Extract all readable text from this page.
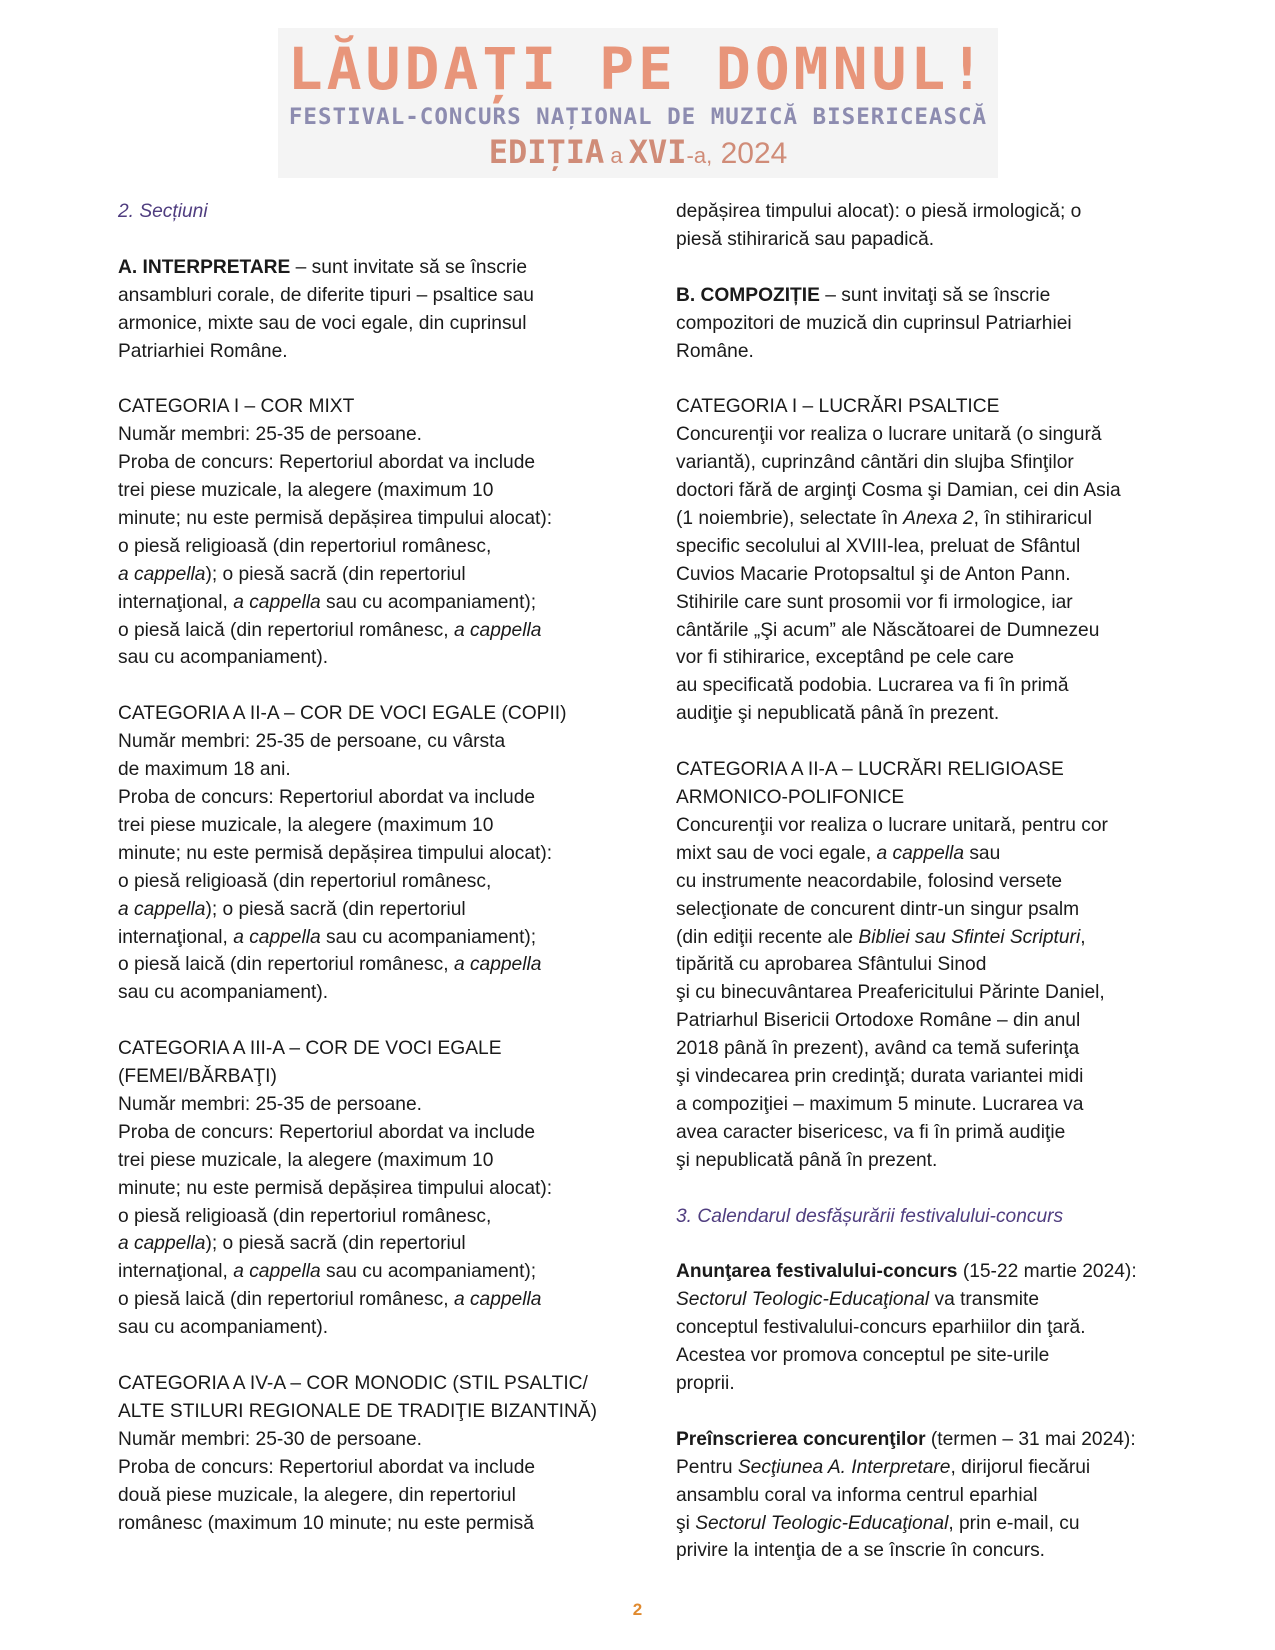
LĂUDAȚI PE DOMNUL!
FESTIVAL-CONCURS NAȚIONAL DE MUZICĂ BISERICEASCĂ
EDIȚIA a XVI-a, 2024

2. Secțiuni

A. INTERPRETARE – sunt invitate să se înscrie
ansambluri corale, de diferite tipuri – psaltice sau
armonice, mixte sau de voci egale, din cuprinsul
Patriarhiei Române.

CATEGORIA I – COR MIXT
Număr membri: 25-35 de persoane.
Proba de concurs: Repertoriul abordat va include
trei piese muzicale, la alegere (maximum 10
minute; nu este permisă depășirea timpului alocat):
o piesă religioasă (din repertoriul românesc,
a cappella); o piesă sacră (din repertoriul
internaţional, a cappella sau cu acompaniament);
o piesă laică (din repertoriul românesc, a cappella
sau cu acompaniament).

CATEGORIA A II-A – COR DE VOCI EGALE (COPII)
Număr membri: 25-35 de persoane, cu vârsta
de maximum 18 ani.
Proba de concurs: Repertoriul abordat va include
trei piese muzicale, la alegere (maximum 10
minute; nu este permisă depășirea timpului alocat):
o piesă religioasă (din repertoriul românesc,
a cappella); o piesă sacră (din repertoriul
internaţional, a cappella sau cu acompaniament);
o piesă laică (din repertoriul românesc, a cappella
sau cu acompaniament).

CATEGORIA A III-A – COR DE VOCI EGALE
(FEMEI/BĂRBAŢI)
Număr membri: 25-35 de persoane.
Proba de concurs: Repertoriul abordat va include
trei piese muzicale, la alegere (maximum 10
minute; nu este permisă depășirea timpului alocat):
o piesă religioasă (din repertoriul românesc,
a cappella); o piesă sacră (din repertoriul
internaţional, a cappella sau cu acompaniament);
o piesă laică (din repertoriul românesc, a cappella
sau cu acompaniament).

CATEGORIA A IV-A – COR MONODIC (STIL PSALTIC/
ALTE STILURI REGIONALE DE TRADIŢIE BIZANTINĂ)
Număr membri: 25-30 de persoane.
Proba de concurs: Repertoriul abordat va include
două piese muzicale, la alegere, din repertoriul
românesc (maximum 10 minute; nu este permisă

depășirea timpului alocat): o piesă irmologică; o
piesă stihirarică sau papadică.

B. COMPOZIȚIE – sunt invitaţi să se înscrie
compozitori de muzică din cuprinsul Patriarhiei
Române.

CATEGORIA I – LUCRĂRI PSALTICE
Concurenţii vor realiza o lucrare unitară (o singură
variantă), cuprinzând cântări din slujba Sfinţilor
doctori fără de arginţi Cosma şi Damian, cei din Asia
(1 noiembrie), selectate în Anexa 2, în stihiraricul
specific secolului al XVIII-lea, preluat de Sfântul
Cuvios Macarie Protopsaltul şi de Anton Pann.
Stihirile care sunt prosomii vor fi irmologice, iar
cântările „Şi acum” ale Născătoarei de Dumnezeu
vor fi stihirarice, exceptând pe cele care
au specificată podobia. Lucrarea va fi în primă
audiţie şi nepublicată până în prezent.

CATEGORIA A II-A – LUCRĂRI RELIGIOASE
ARMONICO-POLIFONICE
Concurenţii vor realiza o lucrare unitară, pentru cor
mixt sau de voci egale, a cappella sau
cu instrumente neacordabile, folosind versete
selecţionate de concurent dintr-un singur psalm
(din ediţii recente ale Bibliei sau Sfintei Scripturi,
tipărită cu aprobarea Sfântului Sinod
şi cu binecuvântarea Preafericitului Părinte Daniel,
Patriarhul Bisericii Ortodoxe Române – din anul
2018 până în prezent), având ca temă suferinţa
şi vindecarea prin credinţă; durata variantei midi
a compoziţiei – maximum 5 minute. Lucrarea va
avea caracter bisericesc, va fi în primă audiţie
şi nepublicată până în prezent.

3. Calendarul desfășurării festivalului-concurs

Anunţarea festivalului-concurs (15-22 martie 2024):
Sectorul Teologic-Educaţional va transmite
conceptul festivalului-concurs eparhiilor din ţară.
Acestea vor promova conceptul pe site-urile
proprii.

Preînscrierea concurenţilor (termen – 31 mai 2024):
Pentru Secţiunea A. Interpretare, dirijorul fiecărui
ansamblu coral va informa centrul eparhial
şi Sectorul Teologic-Educaţional, prin e-mail, cu
privire la intenţia de a se înscrie în concurs.

2
